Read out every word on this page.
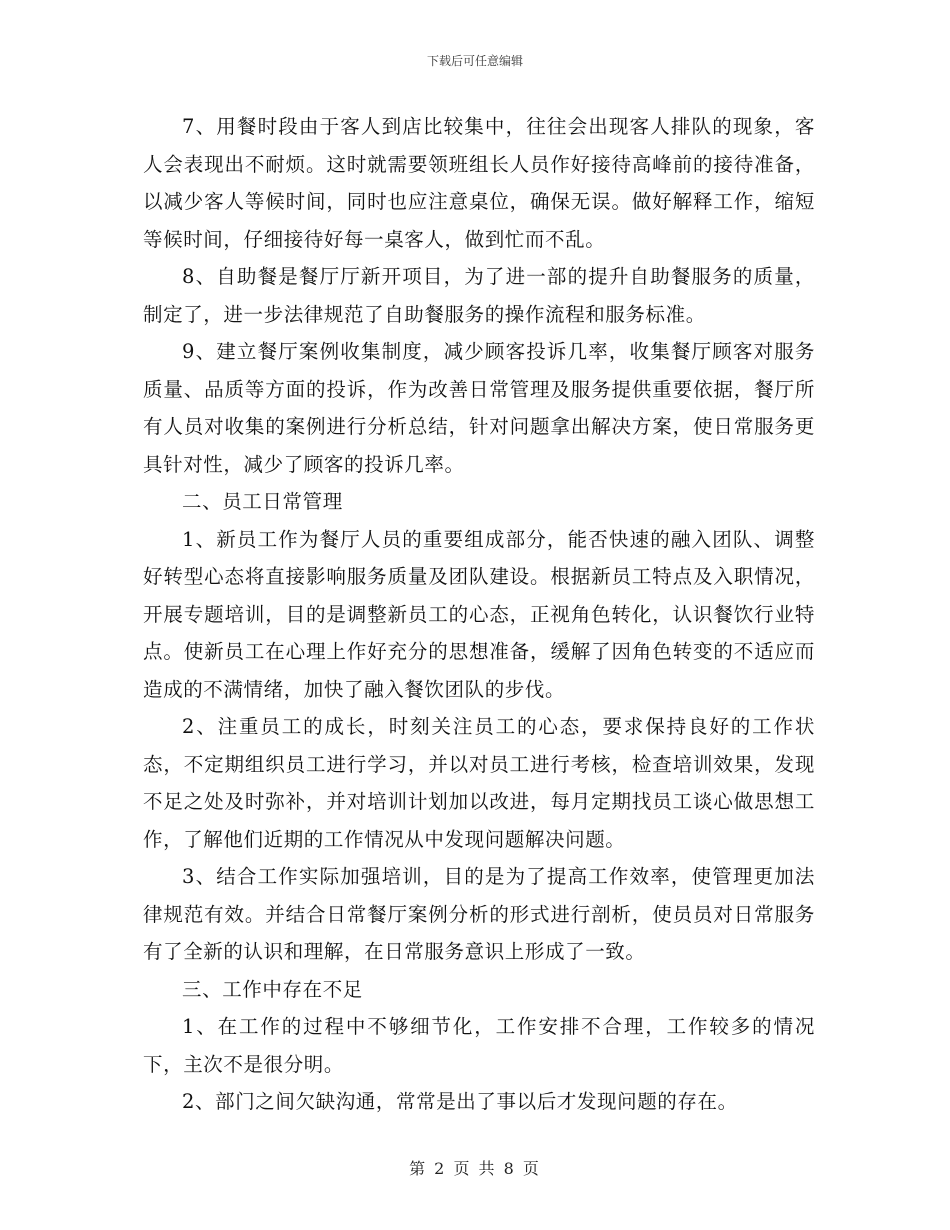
下载后可任意编辑

7、用餐时段由于客人到店比较集中，往往会出现客人排队的现象，客人会表现出不耐烦。这时就需要领班组长人员作好接待高峰前的接待准备，以减少客人等候时间，同时也应注意桌位，确保无误。做好解释工作，缩短等候时间，仔细接待好每一桌客人，做到忙而不乱。

8、自助餐是餐厅厅新开项目，为了进一部的提升自助餐服务的质量，制定了，进一步法律规范了自助餐服务的操作流程和服务标准。

9、建立餐厅案例收集制度，减少顾客投诉几率，收集餐厅顾客对服务质量、品质等方面的投诉，作为改善日常管理及服务提供重要依据，餐厅所有人员对收集的案例进行分析总结，针对问题拿出解决方案，使日常服务更具针对性，减少了顾客的投诉几率。

二、员工日常管理

1、新员工作为餐厅人员的重要组成部分，能否快速的融入团队、调整好转型心态将直接影响服务质量及团队建设。根据新员工特点及入职情况，开展专题培训，目的是调整新员工的心态，正视角色转化，认识餐饮行业特点。使新员工在心理上作好充分的思想准备，缓解了因角色转变的不适应而造成的不满情绪，加快了融入餐饮团队的步伐。

2、注重员工的成长，时刻关注员工的心态，要求保持良好的工作状态，不定期组织员工进行学习，并以对员工进行考核，检查培训效果，发现不足之处及时弥补，并对培训计划加以改进，每月定期找员工谈心做思想工作，了解他们近期的工作情况从中发现问题解决问题。

3、结合工作实际加强培训，目的是为了提高工作效率，使管理更加法律规范有效。并结合日常餐厅案例分析的形式进行剖析，使员员对日常服务有了全新的认识和理解，在日常服务意识上形成了一致。

三、工作中存在不足

1、在工作的过程中不够细节化，工作安排不合理，工作较多的情况下，主次不是很分明。

2、部门之间欠缺沟通，常常是出了事以后才发现问题的存在。

第 2 页 共 8 页
